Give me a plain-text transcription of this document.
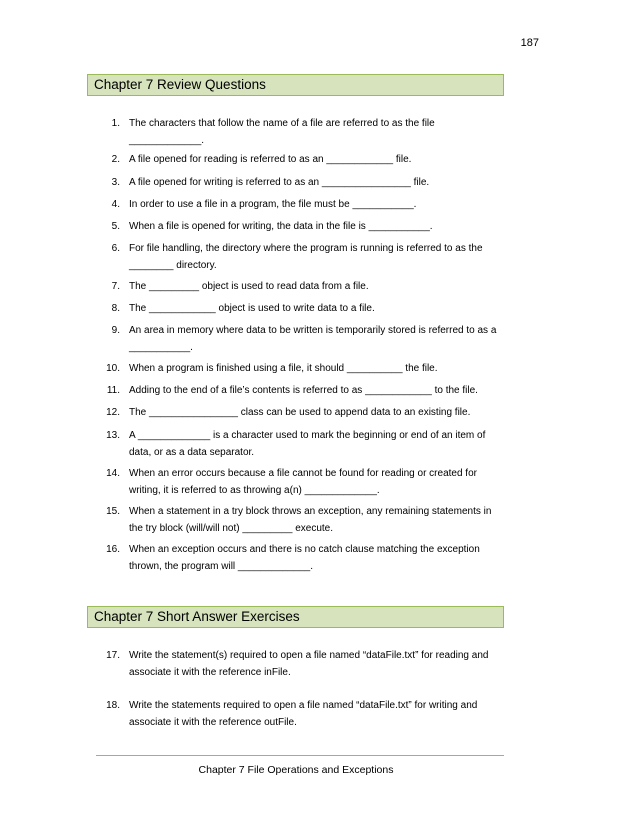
187
Chapter 7 Review Questions
1. The characters that follow the name of a file are referred to as the file _____________.
2. A file opened for reading is referred to as an ____________ file.
3. A file opened for writing is referred to as an ________________ file.
4. In order to use a file in a program, the file must be ___________.
5. When a file is opened for writing, the data in the file is ___________.
6. For file handling, the directory where the program is running is referred to as the ________ directory.
7. The _________ object is used to read data from a file.
8. The ____________ object is used to write data to a file.
9. An area in memory where data to be written is temporarily stored is referred to as a ___________.
10. When a program is finished using a file, it should __________ the file.
11. Adding to the end of a file’s contents is referred to as ____________ to the file.
12. The ________________ class can be used to append data to an existing file.
13. A _____________ is a character used to mark the beginning or end of an item of data, or as a data separator.
14. When an error occurs because a file cannot be found for reading or created for writing, it is referred to as throwing a(n) _____________.
15. When a statement in a try block throws an exception, any remaining statements in the try block (will/will not) _________ execute.
16. When an exception occurs and there is no catch clause matching the exception thrown, the program will _____________.
Chapter 7 Short Answer Exercises
17. Write the statement(s) required to open a file named “dataFile.txt” for reading and associate it with the reference inFile.
18. Write the statements required to open a file named “dataFile.txt” for writing and associate it with the reference outFile.
Chapter 7 File Operations and Exceptions
